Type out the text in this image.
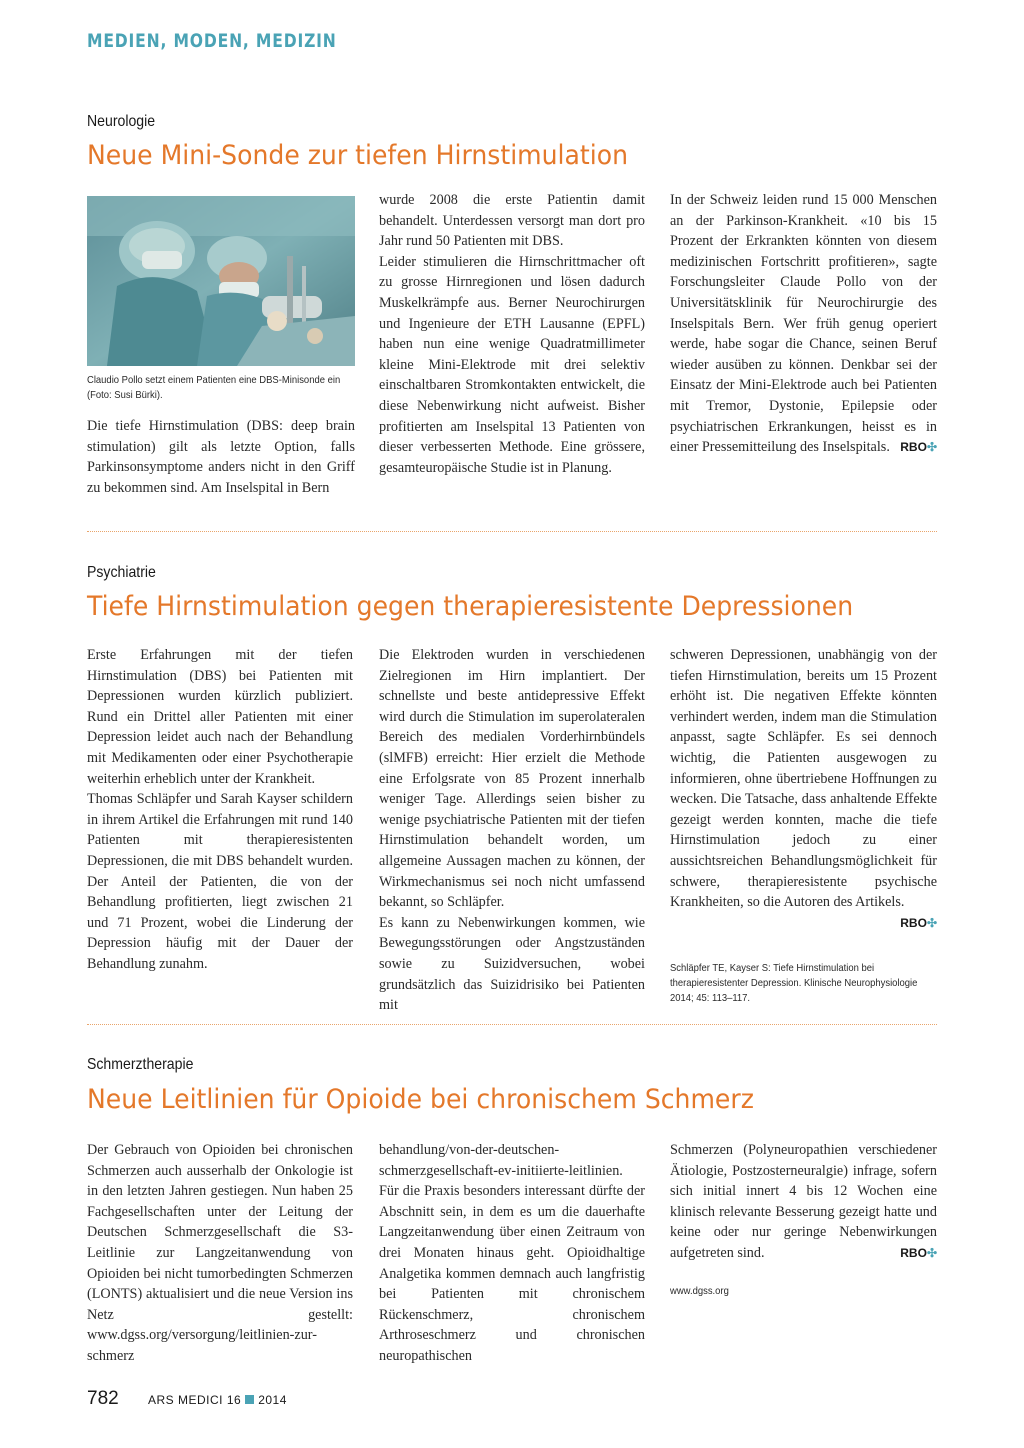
MEDIEN, MODEN, MEDIZIN
Neurologie
Neue Mini-Sonde zur tiefen Hirnstimulation
Claudio Pollo setzt einem Patienten eine DBS-Minisonde ein (Foto: Susi Bürki).

Die tiefe Hirnstimulation (DBS: deep brain stimulation) gilt als letzte Option, falls Parkinsonsymptome anders nicht in den Griff zu bekommen sind. Am Inselspital in Bern

wurde 2008 die erste Patientin damit behandelt. Unterdessen versorgt man dort pro Jahr rund 50 Patienten mit DBS.

Leider stimulieren die Hirnschrittmacher oft zu grosse Hirnregionen und lösen dadurch Muskelkrämpfe aus. Berner Neurochirurgen und Ingenieure der ETH Lausanne (EPFL) haben nun eine wenige Quadratmillimeter kleine Mini-Elektrode mit drei selektiv einschaltbaren Stromkontakten entwickelt, die diese Nebenwirkung nicht aufweist. Bisher profitierten am Inselspital 13 Patienten von dieser verbesserten Methode. Eine grössere, gesamteuropäische Studie ist in Planung.

In der Schweiz leiden rund 15 000 Menschen an der Parkinson-Krankheit. «10 bis 15 Prozent der Erkrankten könnten von diesem medizinischen Fortschritt profitieren», sagte Forschungsleiter Claude Pollo von der Universitätsklinik für Neurochirurgie des Inselspitals Bern. Wer früh genug operiert werde, habe sogar die Chance, seinen Beruf wieder ausüben zu können. Denkbar sei der Einsatz der Mini-Elektrode auch bei Patienten mit Tremor, Dystonie, Epilepsie oder psychiatrischen Erkrankungen, heisst es in einer Pressemitteilung des Inselspitals. RBO✣

Psychiatrie
Tiefe Hirnstimulation gegen therapieresistente Depressionen

Erste Erfahrungen mit der tiefen Hirnstimulation (DBS) bei Patienten mit Depressionen wurden kürzlich publiziert. Rund ein Drittel aller Patienten mit einer Depression leidet auch nach der Behandlung mit Medikamenten oder einer Psychotherapie weiterhin erheblich unter der Krankheit.

Thomas Schläpfer und Sarah Kayser schildern in ihrem Artikel die Erfahrungen mit rund 140 Patienten mit therapieresistenten Depressionen, die mit DBS behandelt wurden. Der Anteil der Patienten, die von der Behandlung profitierten, liegt zwischen 21 und 71 Prozent, wobei die Linderung der Depression häufig mit der Dauer der Behandlung zunahm.

Die Elektroden wurden in verschiedenen Zielregionen im Hirn implantiert. Der schnellste und beste antidepressive Effekt wird durch die Stimulation im superolateralen Bereich des medialen Vorderhirnbündels (slMFB) erreicht: Hier erzielt die Methode eine Erfolgsrate von 85 Prozent innerhalb weniger Tage. Allerdings seien bisher zu wenige psychiatrische Patienten mit der tiefen Hirnstimulation behandelt worden, um allgemeine Aussagen machen zu können, der Wirkmechanismus sei noch nicht umfassend bekannt, so Schläpfer.

Es kann zu Nebenwirkungen kommen, wie Bewegungsstörungen oder Angstzuständen sowie zu Suizidversuchen, wobei grundsätzlich das Suizidrisiko bei Patienten mit

schweren Depressionen, unabhängig von der tiefen Hirnstimulation, bereits um 15 Prozent erhöht ist. Die negativen Effekte könnten verhindert werden, indem man die Stimulation anpasst, sagte Schläpfer. Es sei dennoch wichtig, die Patienten ausgewogen zu informieren, ohne übertriebene Hoffnungen zu wecken. Die Tatsache, dass anhaltende Effekte gezeigt werden konnten, mache die tiefe Hirnstimulation jedoch zu einer aussichtsreichen Behandlungsmöglichkeit für schwere, therapieresistente psychische Krankheiten, so die Autoren des Artikels.
RBO✣

Schläpfer TE, Kayser S: Tiefe Hirnstimulation bei therapieresistenter Depression. Klinische Neurophysiologie 2014; 45: 113–117.
Schmerztherapie
Neue Leitlinien für Opioide bei chronischem Schmerz

Der Gebrauch von Opioiden bei chronischen Schmerzen auch ausserhalb der Onkologie ist in den letzten Jahren gestiegen. Nun haben 25 Fachgesellschaften unter der Leitung der Deutschen Schmerzgesellschaft die S3-Leitlinie zur Langzeitanwendung von Opioiden bei nicht tumorbedingten Schmerzen (LONTS) aktualisiert und die neue Version ins Netz gestellt: www.dgss.org/versorgung/leitlinien-zur-schmerz

behandlung/von-der-deutschen-schmerzgesellschaft-ev-initiierte-leitlinien.

Für die Praxis besonders interessant dürfte der Abschnitt sein, in dem es um die dauerhafte Langzeitanwendung über einen Zeitraum von drei Monaten hinaus geht. Opioidhaltige Analgetika kommen demnach auch langfristig bei Patienten mit chronischem Rückenschmerz, chronischem Arthroseschmerz und chronischen neuropathischen

Schmerzen (Polyneuropathien verschiedener Ätiologie, Postzosterneuralgie) infrage, sofern sich initial innert 4 bis 12 Wochen eine klinisch relevante Besserung gezeigt hatte und keine oder nur geringe Nebenwirkungen aufgetreten sind.	RBO✣

www.dgss.org
782 ARS MEDICI 16 2014
